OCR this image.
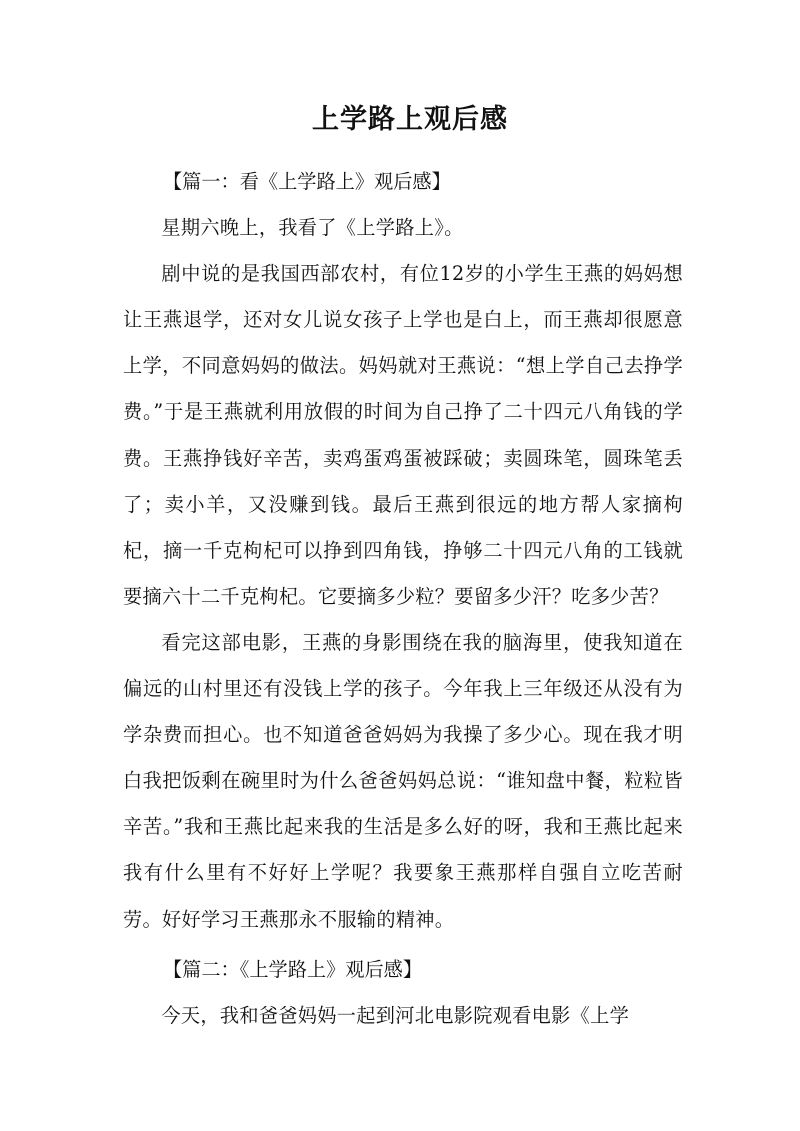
上学路上观后感

【篇一：看《上学路上》观后感】

星期六晚上，我看了《上学路上》。

剧中说的是我国西部农村，有位12岁的小学生王燕的妈妈想让王燕退学，还对女儿说女孩子上学也是白上，而王燕却很愿意上学，不同意妈妈的做法。妈妈就对王燕说：“想上学自己去挣学费。”于是王燕就利用放假的时间为自己挣了二十四元八角钱的学费。王燕挣钱好辛苦，卖鸡蛋鸡蛋被踩破；卖圆珠笔，圆珠笔丢了；卖小羊，又没赚到钱。最后王燕到很远的地方帮人家摘枸杞，摘一千克枸杞可以挣到四角钱，挣够二十四元八角的工钱就要摘六十二千克枸杞。它要摘多少粒？要留多少汗？吃多少苦？

看完这部电影，王燕的身影围绕在我的脑海里，使我知道在偏远的山村里还有没钱上学的孩子。今年我上三年级还从没有为学杂费而担心。也不知道爸爸妈妈为我操了多少心。现在我才明白我把饭剩在碗里时为什么爸爸妈妈总说：“谁知盘中餐，粒粒皆辛苦。”我和王燕比起来我的生活是多么好的呀，我和王燕比起来我有什么里有不好好上学呢？我要象王燕那样自强自立吃苦耐劳。好好学习王燕那永不服输的精神。

【篇二：《上学路上》观后感】

今天，我和爸爸妈妈一起到河北电影院观看电影《上学
